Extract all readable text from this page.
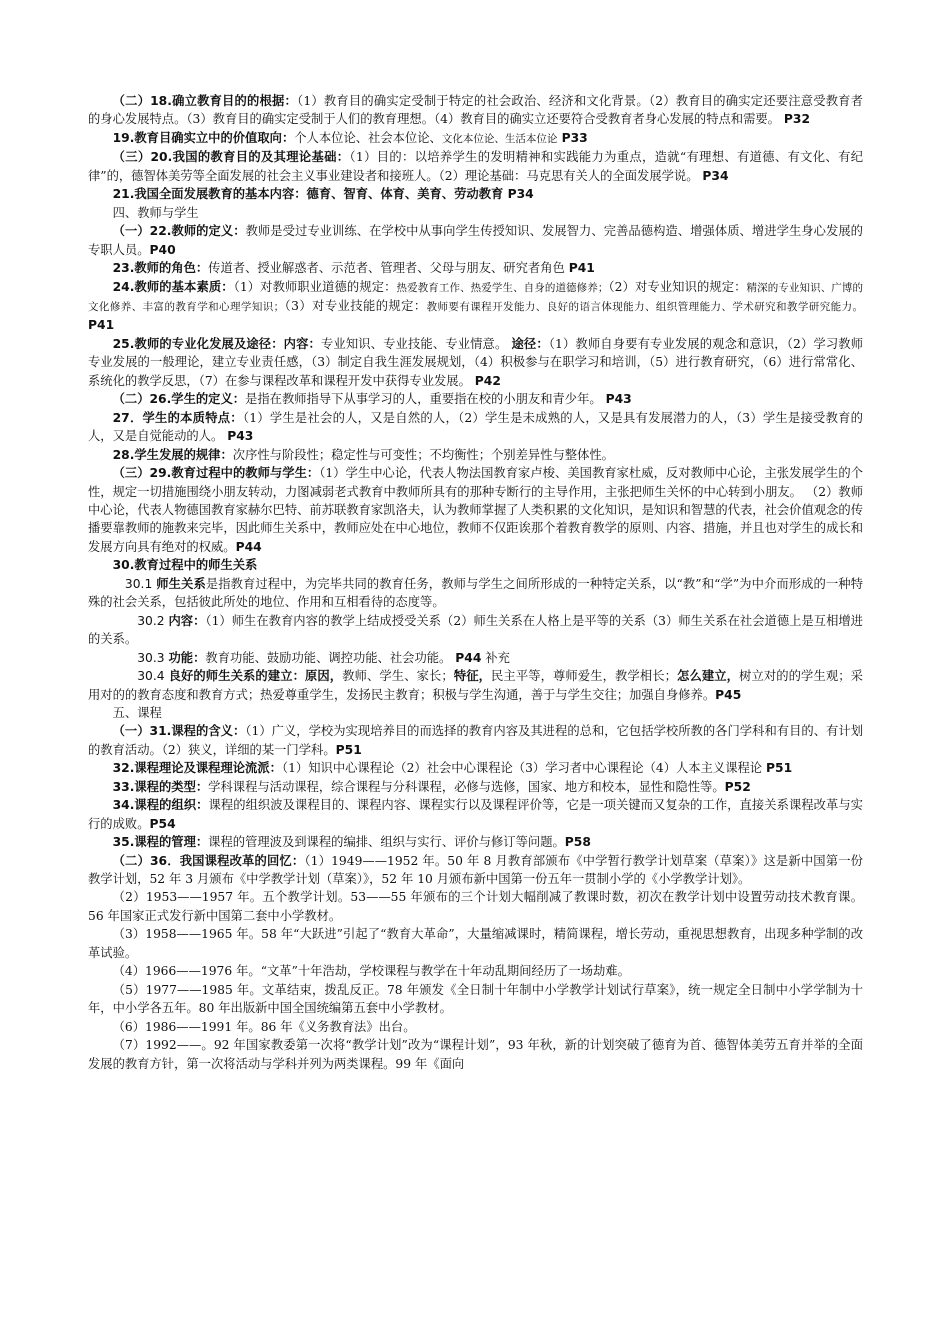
（二）18.确立教育目的的根据：（1）教育目的确实定受制于特定的社会政治、经济和文化背景。（2）教育目的确实定还要注意受教育者的身心发展特点。（3）教育目的确实定受制于人们的教育理想。（4）教育目的确实立还要符合受教育者身心发展的特点和需要。 P32

19.教育目确实立中的价值取向：个人本位论、社会本位论、文化本位论、生活本位论 P33

（三）20.我国的教育目的及其理论基础：（1）目的：以培养学生的发明精神和实践能力为重点，造就“有理想、有道德、有文化、有纪律”的，德智体美劳等全面发展的社会主义事业建设者和接班人。（2）理论基础：马克思有关人的全面发展学说。 P34

21.我国全面发展教育的基本内容：德育、智育、体育、美育、劳动教育 P34

四、教师与学生

（一）22.教师的定义：教师是受过专业训练、在学校中从事向学生传授知识、发展智力、完善品德构造、增强体质、增进学生身心发展的专职人员。P40

23.教师的角色：传道者、授业解惑者、示范者、管理者、父母与朋友、研究者角色 P41

24.教师的基本素质：（1）对教师职业道德的规定：热爱教育工作、热爱学生、自身的道德修养；（2）对专业知识的规定：精深的专业知识、广博的文化修养、丰富的教育学和心理学知识；（3）对专业技能的规定：教师要有课程开发能力、良好的语言体现能力、组织管理能力、学术研究和教学研究能力。 P41

25.教师的专业化发展及途径：内容：专业知识、专业技能、专业情意。 途径：（1）教师自身要有专业发展的观念和意识，（2）学习教师专业发展的一般理论，建立专业责任感，（3）制定自我生涯发展规划，（4）积极参与在职学习和培训，（5）进行教育研究，（6）进行常常化、系统化的教学反思，（7）在参与课程改革和课程开发中获得专业发展。 P42

（二）26.学生的定义：是指在教师指导下从事学习的人，重要指在校的小朋友和青少年。 P43

27．学生的本质特点：（1）学生是社会的人，又是自然的人，（2）学生是未成熟的人，又是具有发展潜力的人，（3）学生是接受教育的人，又是自觉能动的人。 P43

28.学生发展的规律：次序性与阶段性；稳定性与可变性；不均衡性；个别差异性与整体性。

（三）29.教育过程中的教师与学生：（1）学生中心论，代表人物法国教育家卢梭、美国教育家杜威，反对教师中心论，主张发展学生的个性，规定一切措施围绕小朋友转动，力图减弱老式教育中教师所具有的那种专断行的主导作用，主张把师生关怀的中心转到小朋友。 （2）教师中心论，代表人物德国教育家赫尔巴特、前苏联教育家凯洛夫，认为教师掌握了人类积累的文化知识，是知识和智慧的代表，社会价值观念的传播要靠教师的施教来完毕，因此师生关系中，教师应处在中心地位，教师不仅距诶那个着教育教学的原则、内容、措施，并且也对学生的成长和发展方向具有绝对的权威。P44

30.教育过程中的师生关系

30.1 师生关系是指教育过程中，为完毕共同的教育任务，教师与学生之间所形成的一种特定关系，以“教”和“学”为中介而形成的一种特殊的社会关系，包括彼此所处的地位、作用和互相看待的态度等。

30.2 内容：（1）师生在教育内容的教学上结成授受关系（2）师生关系在人格上是平等的关系（3）师生关系在社会道德上是互相增进的关系。

30.3 功能：教育功能、鼓励功能、调控功能、社会功能。 P44 补充

30.4 良好的师生关系的建立：原因，教师、学生、家长；特征，民主平等，尊师爱生，教学相长；怎么建立，树立对的的学生观；采用对的的教育态度和教育方式；热爱尊重学生，发扬民主教育；积极与学生沟通，善于与学生交往；加强自身修养。P45

五、课程

（一）31.课程的含义：（1）广义，学校为实现培养目的而选择的教育内容及其进程的总和，它包括学校所教的各门学科和有目的、有计划的教育活动。（2）狭义，详细的某一门学科。P51

32.课程理论及课程理论流派：（1）知识中心课程论（2）社会中心课程论（3）学习者中心课程论（4）人本主义课程论 P51

33.课程的类型：学科课程与活动课程，综合课程与分科课程，必修与选修，国家、地方和校本，显性和隐性等。P52

34.课程的组织：课程的组织波及课程目的、课程内容、课程实行以及课程评价等，它是一项关键而又复杂的工作，直接关系课程改革与实行的成败。P54

35.课程的管理：课程的管理波及到课程的编排、组织与实行、评价与修订等问题。P58

（二）36．我国课程改革的回忆：（1）1949——1952 年。50 年 8 月教育部颁布《中学暂行教学计划草案（草案）》这是新中国第一份教学计划，52 年 3 月颁布《中学教学计划（草案）》，52 年 10 月颁布新中国第一份五年一贯制小学的《小学教学计划》。

（2）1953——1957 年。五个教学计划。53——55 年颁布的三个计划大幅削减了教课时数，初次在教学计划中设置劳动技术教育课。56 年国家正式发行新中国第二套中小学教材。

（3）1958——1965 年。58 年“大跃进”引起了“教育大革命”，大量缩减课时，精简课程，增长劳动，重视思想教育，出现多种学制的改革试验。

（4）1966——1976 年。“文革”十年浩劫，学校课程与教学在十年动乱期间经历了一场劫难。

（5）1977——1985 年。文革结束，拨乱反正。78 年颁发《全日制十年制中小学教学计划试行草案》，统一规定全日制中小学学制为十年，中小学各五年。80 年出版新中国全国统编第五套中小学教材。

（6）1986——1991 年。86 年《义务教育法》出台。

（7）1992——。92 年国家教委第一次将“教学计划”改为“课程计划”，93 年秋，新的计划突破了德育为首、德智体美劳五育并举的全面发展的教育方针，第一次将活动与学科并列为两类课程。99 年《面向
